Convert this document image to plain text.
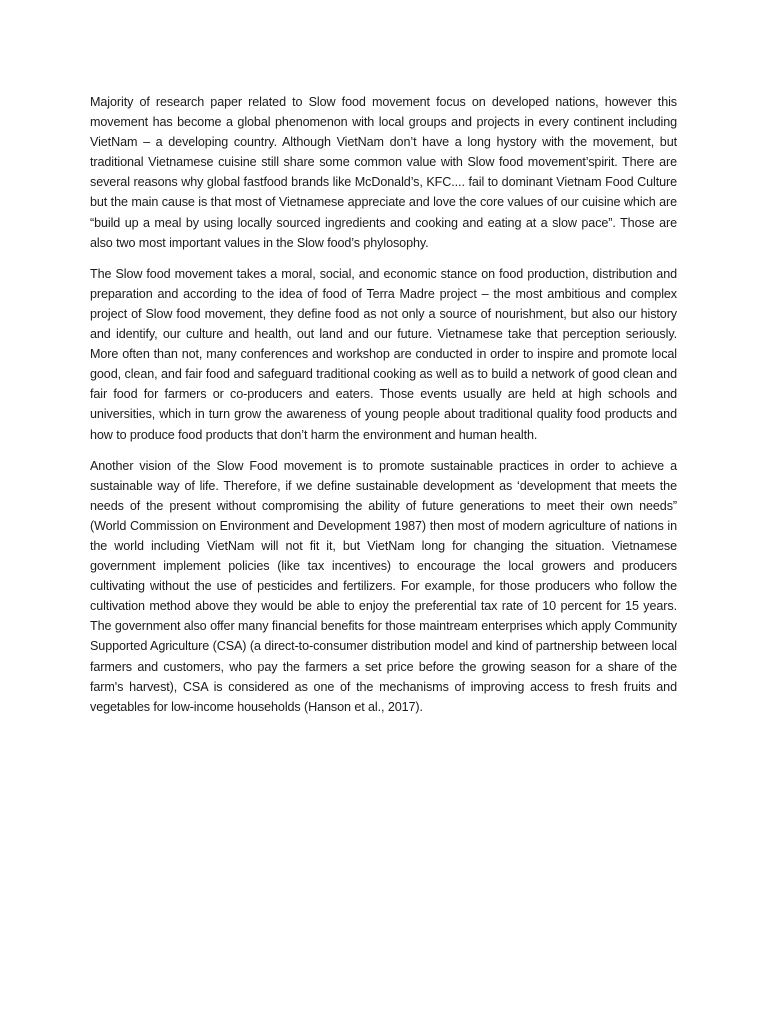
Majority of research paper related to Slow food movement focus on developed nations, however this movement has become a global phenomenon with local groups and projects in every continent including VietNam – a developing country. Although VietNam don’t have a long hystory with the movement, but traditional Vietnamese cuisine still share some common value with Slow food movement’spirit. There are several reasons why global fastfood brands like McDonald’s, KFC.... fail to dominant Vietnam Food Culture but the main cause is that most of Vietnamese appreciate and love the core values of our cuisine which are “build up a meal by using locally sourced ingredients and cooking and eating at a slow pace”. Those are also two most important values in the Slow food’s phylosophy.

The Slow food movement takes a moral, social, and economic stance on food production, distribution and preparation and according to the idea of food of Terra Madre project – the most ambitious and complex project of Slow food movement, they define food as not only a source of nourishment, but also our history and identify, our culture and health, out land and our future. Vietnamese take that perception seriously. More often than not, many conferences and workshop are conducted in order to inspire and promote local good, clean, and fair food and safeguard traditional cooking as well as to build a network of good clean and fair food for farmers or co-producers and eaters. Those events usually are held at high schools and universities, which in turn grow the awareness of young people about traditional quality food products and how to produce food products that don’t harm the environment and human health.

Another vision of the Slow Food movement is to promote sustainable practices in order to achieve a sustainable way of life. Therefore, if we define sustainable development as ‘development that meets the needs of the present without compromising the ability of future generations to meet their own needs” (World Commission on Environment and Development 1987) then most of modern agriculture of nations in the world including VietNam will not fit it, but VietNam long for changing the situation. Vietnamese government implement policies (like tax incentives) to encourage the local growers and producers cultivating without the use of pesticides and fertilizers. For example, for those producers who follow the cultivation method above they would be able to enjoy the preferential tax rate of 10 percent for 15 years. The government also offer many financial benefits for those maintream enterprises which apply Community Supported Agriculture (CSA) (a direct-to-consumer distribution model and kind of partnership between local farmers and customers, who pay the farmers a set price before the growing season for a share of the farm's harvest), CSA is considered as one of the mechanisms of improving access to fresh fruits and vegetables for low-income households (Hanson et al., 2017).
